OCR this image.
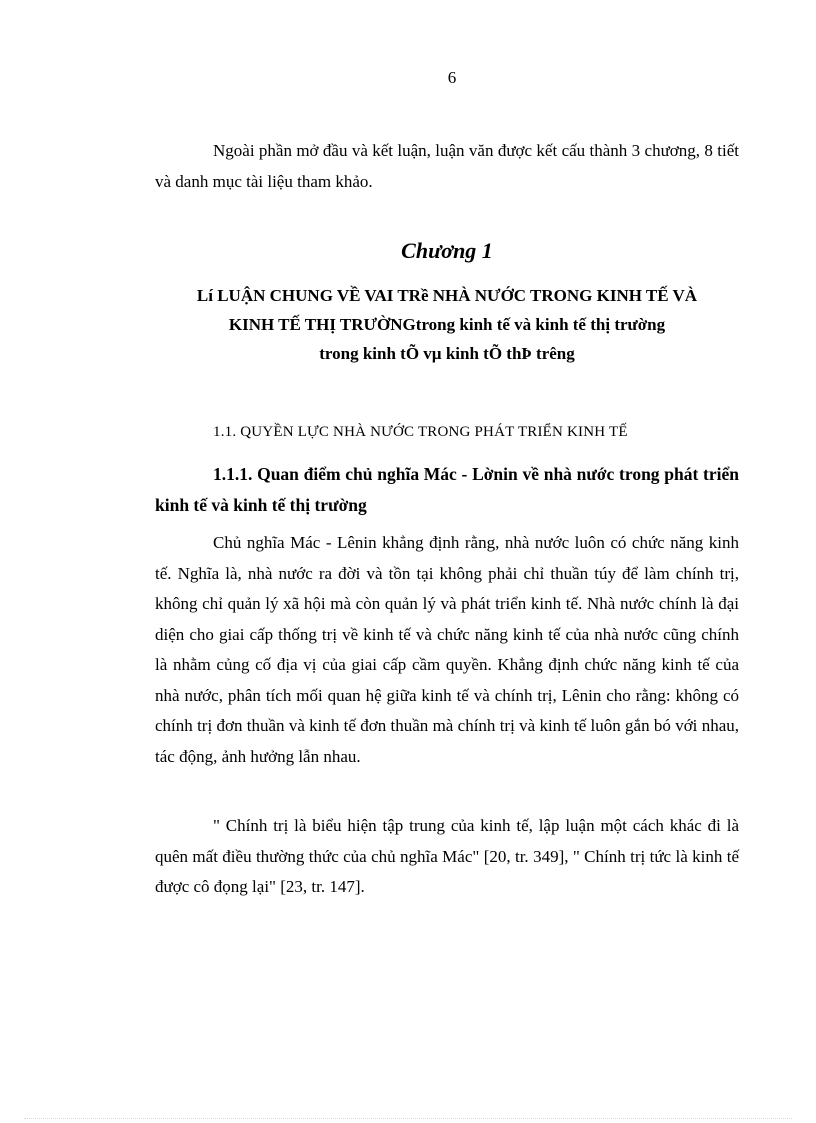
6

Ngoài phần mở đầu và kết luận, luận văn được kết cấu thành 3 chương, 8 tiết và danh mục tài liệu tham khảo.

Chương 1
Lí LUẬN CHUNG VỀ VAI TRề NHÀ NƯỚC TRONG KINH TẾ VÀ
KINH TẾ THỊ TRƯỜNGtrong kinh tế và kinh tế thị trường
trong kinh tÕ vµ kinh tÕ thÞ trêng
1.1. QUYỀN LỰC NHÀ NƯỚC TRONG PHÁT TRIỂN KINH TẾ
1.1.1. Quan điểm chủ nghĩa Mác - Lờnin về nhà nước trong phát triển kinh tế và kinh tế thị trường

Chủ nghĩa Mác - Lênin khẳng định rằng, nhà nước luôn có chức năng kinh tế. Nghĩa là, nhà nước ra đời và tồn tại không phải chỉ thuần túy để làm chính trị, không chỉ quản lý xã hội mà còn quản lý và phát triển kinh tế. Nhà nước chính là đại diện cho giai cấp thống trị về kinh tế và chức năng kinh tế của nhà nước cũng chính là nhằm củng cố địa vị của giai cấp cầm quyền. Khẳng định chức năng kinh tế của nhà nước, phân tích mối quan hệ giữa kinh tế và chính trị, Lênin cho rằng: không có chính trị đơn thuần và kinh tế đơn thuần mà chính trị và kinh tế luôn gắn bó với nhau, tác động, ảnh hưởng lẫn nhau.

" Chính trị là biểu hiện tập trung của kinh tế, lập luận một cách khác đi là quên mất điều thường thức của chủ nghĩa Mác" [20, tr. 349], " Chính trị tức là kinh tế được cô đọng lại" [23, tr. 147].
